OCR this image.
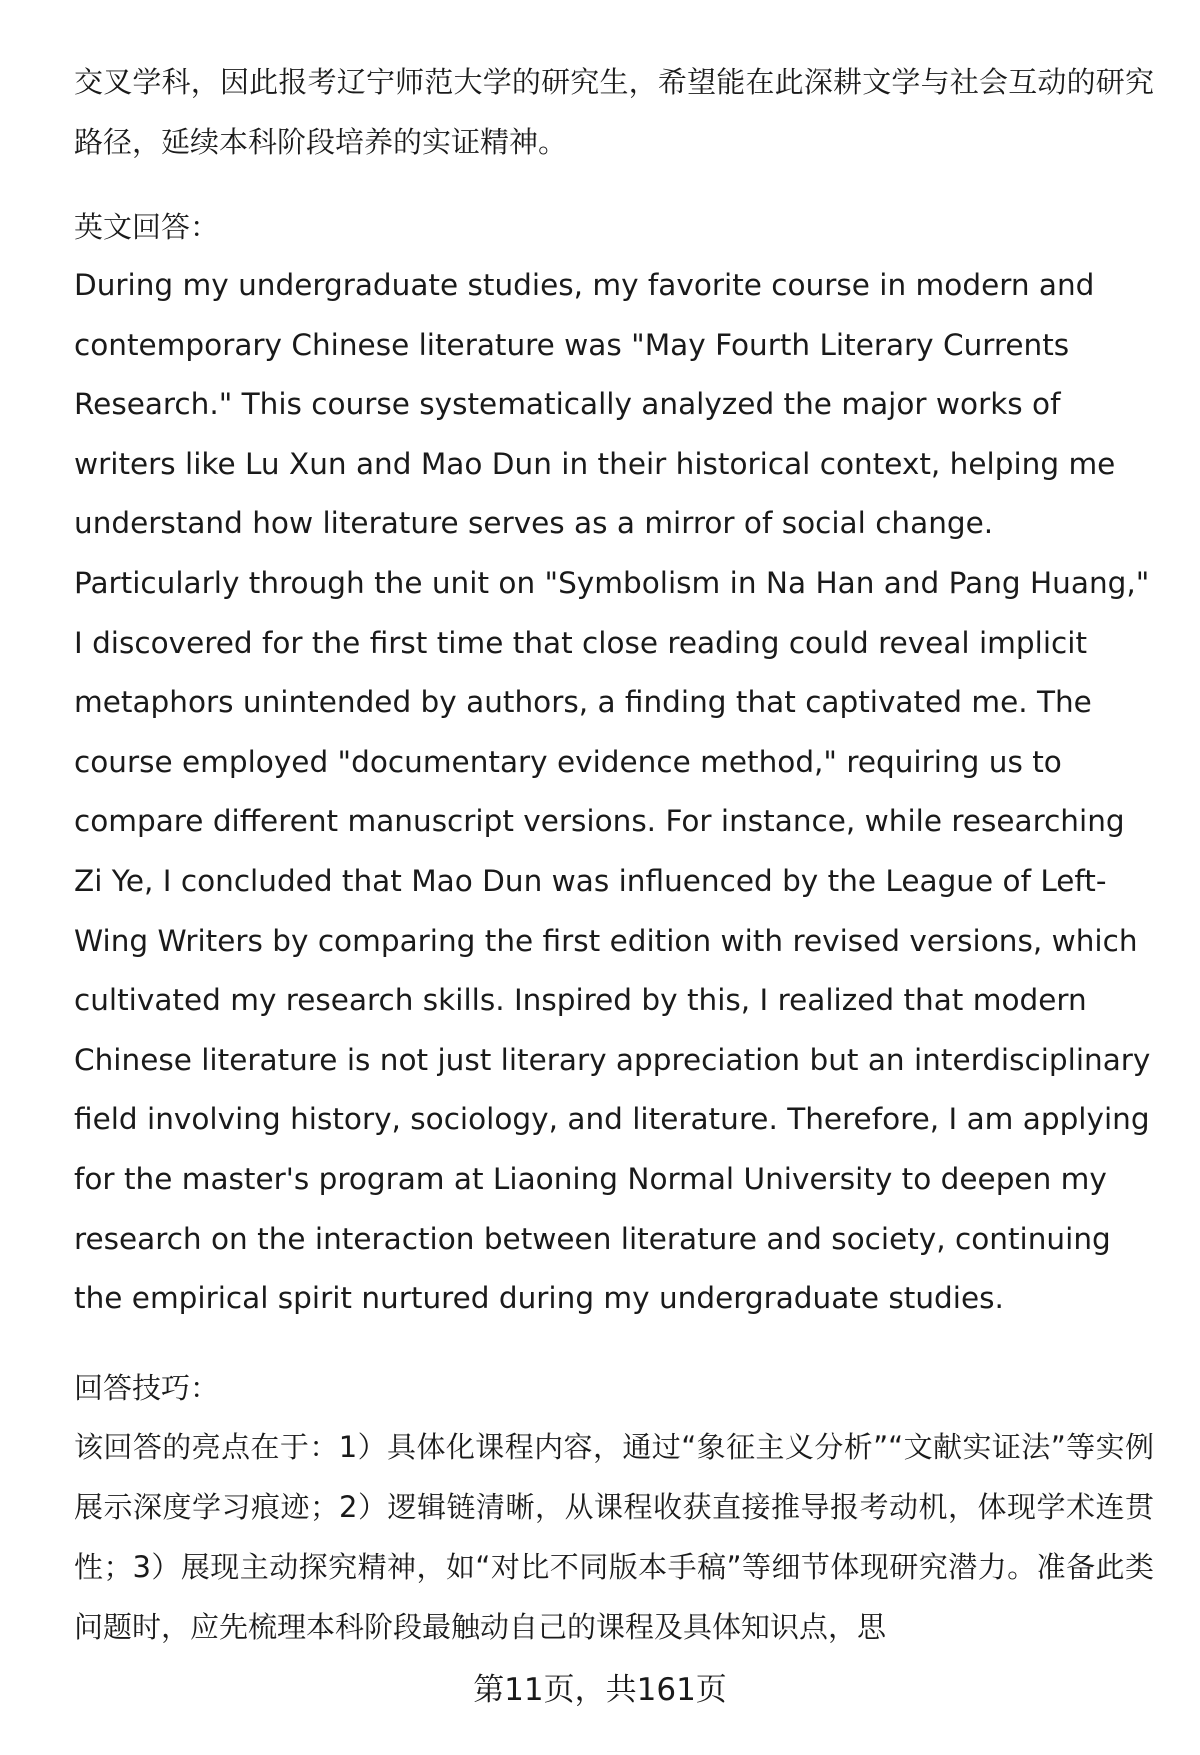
交叉学科，因此报考辽宁师范大学的研究生，希望能在此深耕文学与社会互动的研究路径，延续本科阶段培养的实证精神。

英文回答：

During my undergraduate studies, my favorite course in modern and contemporary Chinese literature was "May Fourth Literary Currents Research." This course systematically analyzed the major works of writers like Lu Xun and Mao Dun in their historical context, helping me understand how literature serves as a mirror of social change. Particularly through the unit on "Symbolism in Na Han and Pang Huang," I discovered for the first time that close reading could reveal implicit metaphors unintended by authors, a finding that captivated me. The course employed "documentary evidence method," requiring us to compare different manuscript versions. For instance, while researching Zi Ye, I concluded that Mao Dun was influenced by the League of Left-Wing Writers by comparing the first edition with revised versions, which cultivated my research skills. Inspired by this, I realized that modern Chinese literature is not just literary appreciation but an interdisciplinary field involving history, sociology, and literature. Therefore, I am applying for the master's program at Liaoning Normal University to deepen my research on the interaction between literature and society, continuing the empirical spirit nurtured during my undergraduate studies.

回答技巧：

该回答的亮点在于：1）具体化课程内容，通过“象征主义分析”“文献实证法”等实例展示深度学习痕迹；2）逻辑链清晰，从课程收获直接推导报考动机，体现学术连贯性；3）展现主动探究精神，如“对比不同版本手稿”等细节体现研究潜力。准备此类问题时，应先梳理本科阶段最触动自己的课程及具体知识点，思

第11页，共161页
